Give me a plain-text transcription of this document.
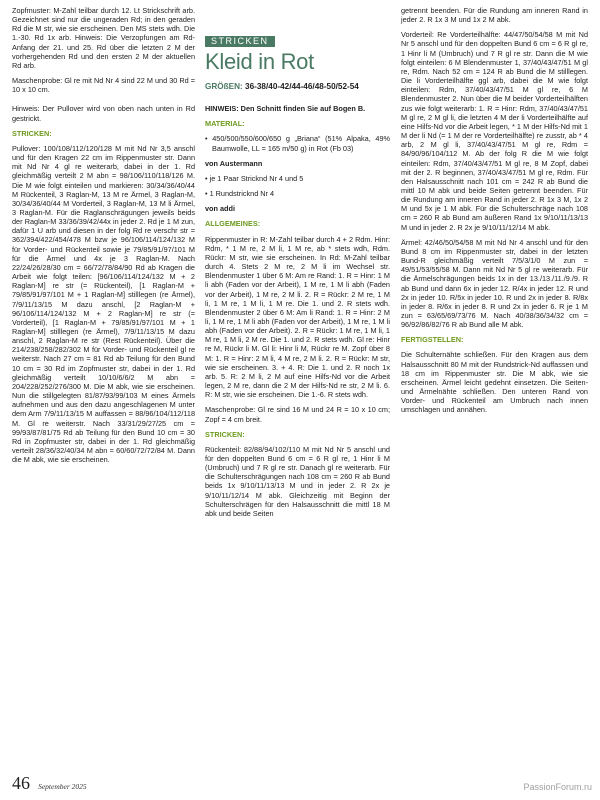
Zopfmuster: M-Zahl teilbar durch 12. Lt Strickschrift arb. Gezeichnet sind nur die ungeraden Rd; in den geraden Rd die M str, wie sie erscheinen. Den MS stets wdh. Die 1.-30. Rd 1x arb. Hinweis: Die Verzopfungen am Rd-Anfang der 21. und 25. Rd über die letzten 2 M der vorhergehenden Rd und den ersten 2 M der aktuellen Rd arb.

Maschenprobe: Gl re mit Nd Nr 4 sind 22 M und 30 Rd = 10 x 10 cm.

Hinweis: Der Pullover wird von oben nach unten in Rd gestrickt.

STRICKEN:

Pullover: 100/108/112/120/128 M mit Nd Nr 3,5 anschl und für den Kragen 22 cm im Rippenmuster str. Dann mit Nd Nr 4 gl re weiterarb, dabei in der 1. Rd gleichmäßig verteilt 2 M abn = 98/106/110/118/126 M. Die M wie folgt einteilen und markieren: 30/34/36/40/44 M Rückenteil, 3 Raglan-M, 13 M re Ärmel, 3 Raglan-M, 30/34/36/40/44 M Vorderteil, 3 Raglan-M, 13 M li Ärmel, 3 Raglan-M. Für die Raglanschrägungen jeweils beids der Raglan-M 33/36/39/42/44x in jeder 2. Rd je 1 M zun, dafür 1 U arb und diesen in der folg Rd re verschr str = 362/394/422/454/478 M bzw je 96/106/114/124/132 M für Vorder- und Rückenteil sowie je 79/85/91/97/101 M für die Ärmel und 4x je 3 Raglan-M. Nach 22/24/26/28/30 cm = 66/72/78/84/90 Rd ab Kragen die Arbeit wie folgt teilen: [96/106/114/124/132 M + 2 Raglan-M] re str (= Rückenteil), [1 Raglan-M + 79/85/91/97/101 M + 1 Raglan-M] stilllegen (re Ärmel), 7/9/11/13/15 M dazu anschl, [2 Raglan-M + 96/106/114/124/132 M + 2 Raglan-M] re str (= Vorderteil), [1 Raglan-M + 79/85/91/97/101 M + 1 Raglan-M] stilllegen (re Ärmel), 7/9/11/13/15 M dazu anschl, 2 Raglan-M re str (Rest Rückenteil). Über die 214/238/258/282/302 M für Vorder- und Rückenteil gl re weiterstr. Nach 27 cm = 81 Rd ab Teilung für den Bund 10 cm = 30 Rd im Zopfmuster str, dabei in der 1. Rd gleichmäßig verteilt 10/10/6/6/2 M abn = 204/228/252/276/300 M. Die M abk, wie sie erscheinen. Nun die stillgelegten 81/87/93/99/103 M eines Ärmels aufnehmen und aus den dazu angeschlagenen M unter dem Arm 7/9/11/13/15 M auffassen = 88/96/104/112/118 M. Gl re weiterstr. Nach 33/31/29/27/25 cm = 99/93/87/81/75 Rd ab Teilung für den Bund 10 cm = 30 Rd in Zopfmuster str, dabei in der 1. Rd gleichmäßig verteilt 28/36/32/40/34 M abn = 60/60/72/72/84 M. Dann die M abk, wie sie erscheinen.

STRICKEN
Kleid in Rot
GRÖßEN: 36-38/40-42/44-46/48-50/52-54

HINWEIS: Den Schnitt finden Sie auf Bogen B.

MATERIAL:

• 450/500/550/600/650 g „Briana“ (51% Alpaka, 49% Baumwolle, LL = 165 m/50 g) in Rot (Fb 03)

von Austermann

• je 1 Paar Stricknd Nr 4 und 5

• 1 Rundstricknd Nr 4

von addi

ALLGEMEINES:

Rippenmuster in R: M-Zahl teilbar durch 4 + 2 Rdm. Hinr: Rdm, * 1 M re, 2 M li, 1 M re, ab * stets wdh, Rdm. Rückr: M str, wie sie erscheinen. In Rd: M-Zahl teilbar durch 4. Stets 2 M re, 2 M li im Wechsel str. Blendenmuster 1 über 6 M: Am re Rand: 1. R = Hinr: 1 M li abh (Faden vor der Arbeit), 1 M re, 1 M li abh (Faden vor der Arbeit), 1 M re, 2 M li. 2. R = Rückr: 2 M re, 1 M li, 1 M re, 1 M li, 1 M re. Die 1. und 2. R stets wdh. Blendenmuster 2 über 6 M: Am li Rand: 1. R = Hinr: 2 M li, 1 M re, 1 M li abh (Faden vor der Arbeit), 1 M re, 1 M li abh (Faden vor der Arbeit). 2. R = Rückr: 1 M re, 1 M li, 1 M re, 1 M li, 2 M re. Die 1. und 2. R stets wdh. Gl re: Hinr re M, Rückr li M. Gl li: Hinr li M, Rückr re M. Zopf über 8 M: 1. R = Hinr: 2 M li, 4 M re, 2 M li. 2. R = Rückr: M str, wie sie erscheinen. 3. + 4. R: Die 1. und 2. R noch 1x arb. 5. R: 2 M li, 2 M auf eine Hilfs-Nd vor die Arbeit legen, 2 M re, dann die 2 M der Hilfs-Nd re str, 2 M li. 6. R: M str, wie sie erscheinen. Die 1.-6. R stets wdh.

Maschenprobe: Gl re sind 16 M und 24 R = 10 x 10 cm; Zopf = 4 cm breit.

STRICKEN:

Rückenteil: 82/88/94/102/110 M mit Nd Nr 5 anschl und für den doppelten Bund 6 cm = 6 R gl re, 1 Hinr li M (Umbruch) und 7 R gl re str. Danach gl re weiterarb. Für die Schulterschrägungen nach 108 cm = 260 R ab Bund beids 1x 9/10/11/13/13 M und in jeder 2. R 2x je 9/10/11/12/14 M abk. Gleichzeitig mit Beginn der Schulterschrägen für den Halsausschnitt die mittl 18 M abk und beide Seiten

getrennt beenden. Für die Rundung am inneren Rand in jeder 2. R 1x 3 M und 1x 2 M abk.

Vorderteil: Re Vorderteilhälfte: 44/47/50/54/58 M mit Nd Nr 5 anschl und für den doppelten Bund 6 cm = 6 R gl re, 1 Hinr li M (Umbruch) und 7 R gl re str. Dann die M wie folgt einteilen: 6 M Blendenmuster 1, 37/40/43/47/51 M gl re, Rdm. Nach 52 cm = 124 R ab Bund die M stilllegen. Die li Vorderteilhälfte ggl arb, dabei die M wie folgt einteilen: Rdm, 37/40/43/47/51 M gl re, 6 M Blendenmuster 2. Nun über die M beider Vorderteilhälften zus wie folgt weiterarb: 1. R = Hinr: Rdm, 37/40/43/47/51 M gl re, 2 M gl li, die letzten 4 M der li Vorderteilhälfte auf eine Hilfs-Nd vor die Arbeit legen, * 1 M der Hilfs-Nd mit 1 M der li Nd (= 1 M der re Vorderteilhälfte) re zusstr, ab * 4 arb, 2 M gl li, 37/40/43/47/51 M gl re, Rdm = 84/90/96/104/112 M. Ab der folg R die M wie folgt einteilen: Rdm, 37/40/43/47/51 M gl re, 8 M Zopf, dabei mit der 2. R beginnen, 37/40/43/47/51 M gl re, Rdm. Für den Halsausschnitt nach 101 cm = 242 R ab Bund die mittl 10 M abk und beide Seiten getrennt beenden. Für die Rundung am inneren Rand in jeder 2. R 1x 3 M, 1x 2 M und 5x je 1 M abk. Für die Schulterschräge nach 108 cm = 260 R ab Bund am äußeren Rand 1x 9/10/11/13/13 M und in jeder 2. R 2x je 9/10/11/12/14 M abk.

Ärmel: 42/46/50/54/58 M mit Nd Nr 4 anschl und für den Bund 8 cm im Rippenmuster str, dabei in der letzten Bund-R gleichmäßig verteilt 7/5/3/1/0 M zun = 49/51/53/55/58 M. Dann mit Nd Nr 5 gl re weiterarb. Für die Ärmelschrägungen beids 1x in der 13./13./11./9./9. R ab Bund und dann 6x in jeder 12. R/4x in jeder 12. R und 2x in jeder 10. R/5x in jeder 10. R und 2x in jeder 8. R/8x in jeder 8. R/6x in jeder 8. R und 2x in jeder 6. R je 1 M zun = 63/65/69/73/76 M. Nach 40/38/36/34/32 cm = 96/92/86/82/76 R ab Bund alle M abk.

FERTIGSTELLEN:

Die Schulternähte schließen. Für den Kragen aus dem Halsausschnitt 80 M mit der Rundstrick-Nd auffassen und 18 cm im Rippenmuster str. Die M abk, wie sie erscheinen. Ärmel leicht gedehnt einsetzen. Die Seiten- und Ärmelnähte schließen. Den unteren Rand von Vorder- und Rückenteil am Umbruch nach innen umschlagen und annähen.

46 September 2025	PassionForum.ru
